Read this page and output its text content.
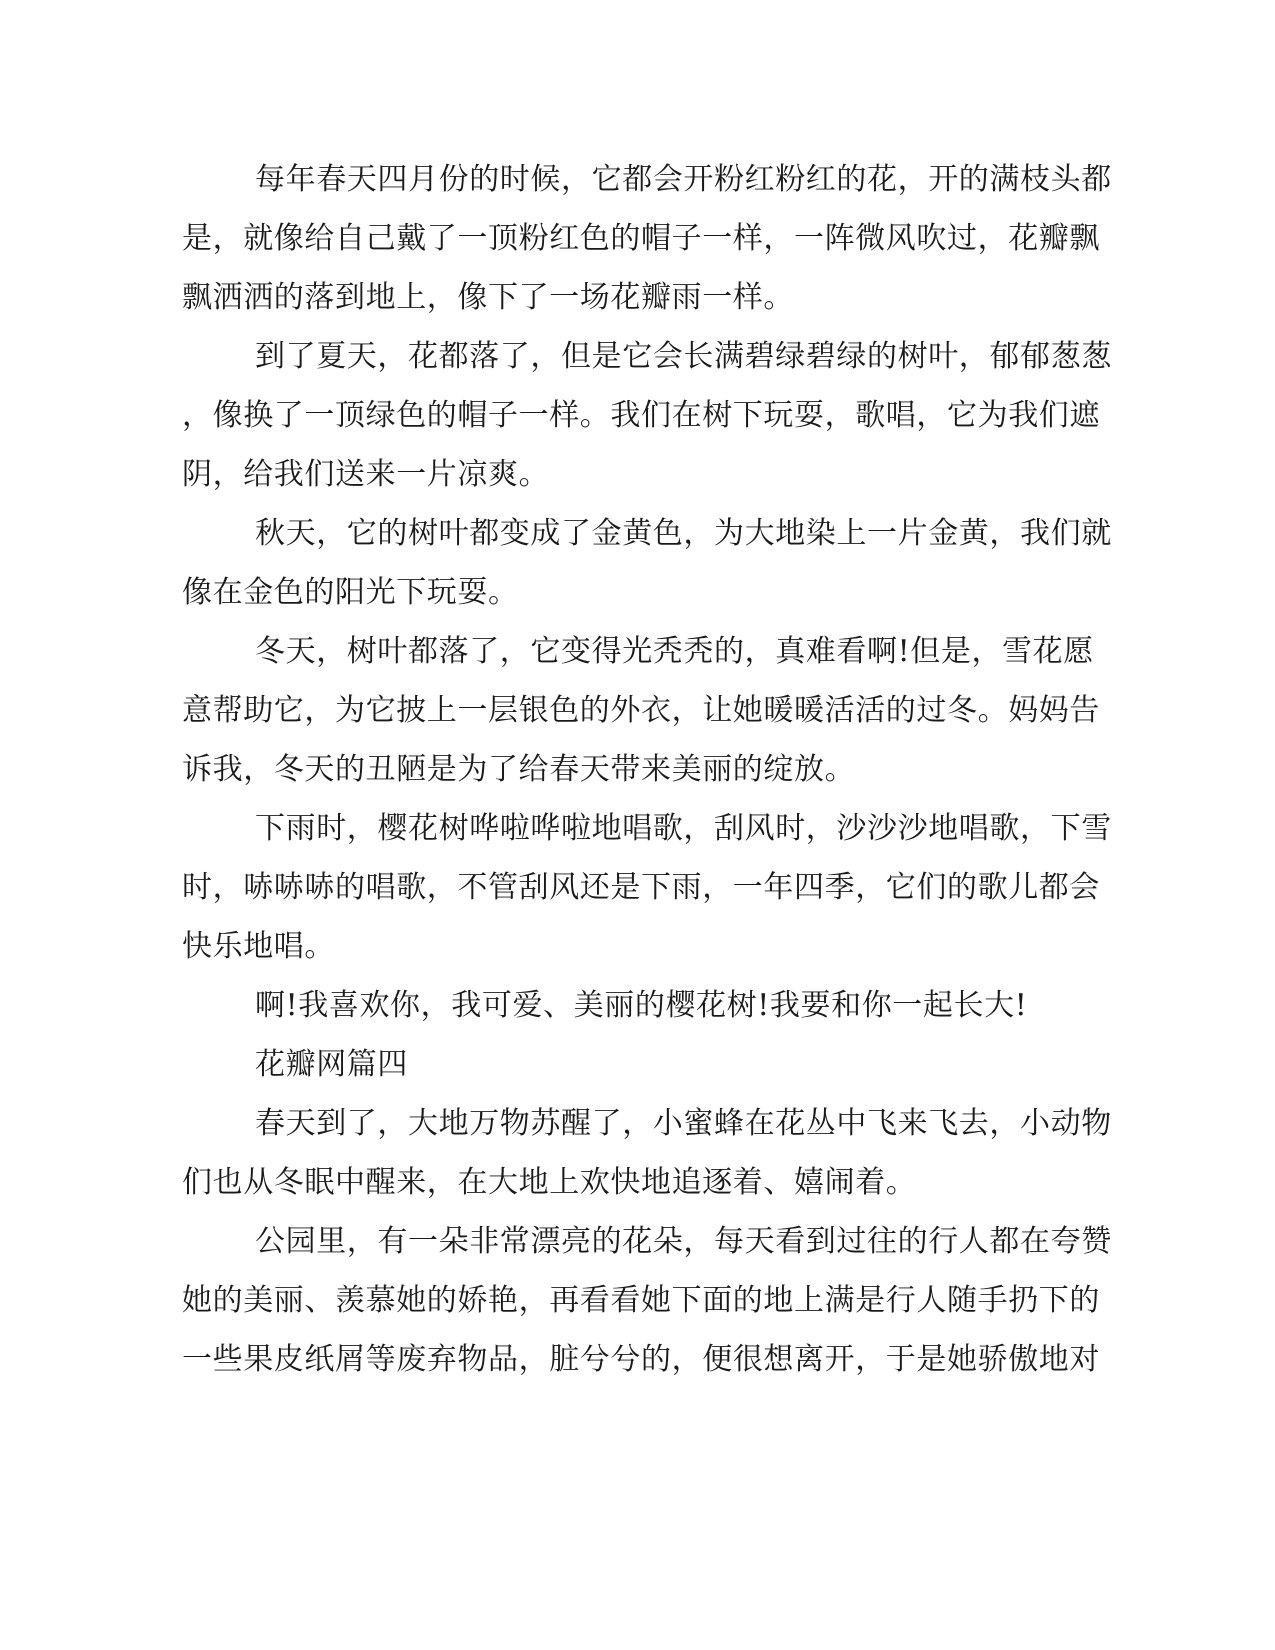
每年春天四月份的时候，它都会开粉红粉红的花，开的满枝头都
是，就像给自己戴了一顶粉红色的帽子一样，一阵微风吹过，花瓣飘
飘洒洒的落到地上，像下了一场花瓣雨一样。
到了夏天，花都落了，但是它会长满碧绿碧绿的树叶，郁郁葱葱
，像换了一顶绿色的帽子一样。我们在树下玩耍，歌唱，它为我们遮
阴，给我们送来一片凉爽。
秋天，它的树叶都变成了金黄色，为大地染上一片金黄，我们就
像在金色的阳光下玩耍。
冬天，树叶都落了，它变得光秃秃的，真难看啊!但是，雪花愿
意帮助它，为它披上一层银色的外衣，让她暖暖活活的过冬。妈妈告
诉我，冬天的丑陋是为了给春天带来美丽的绽放。
下雨时，樱花树哗啦哗啦地唱歌，刮风时，沙沙沙地唱歌，下雪
时，哧哧哧的唱歌，不管刮风还是下雨，一年四季，它们的歌儿都会
快乐地唱。
啊!我喜欢你，我可爱、美丽的樱花树!我要和你一起长大!
花瓣网篇四
春天到了，大地万物苏醒了，小蜜蜂在花丛中飞来飞去，小动物
们也从冬眠中醒来，在大地上欢快地追逐着、嬉闹着。
公园里，有一朵非常漂亮的花朵，每天看到过往的行人都在夸赞
她的美丽、羡慕她的娇艳，再看看她下面的地上满是行人随手扔下的
一些果皮纸屑等废弃物品，脏兮兮的，便很想离开，于是她骄傲地对
